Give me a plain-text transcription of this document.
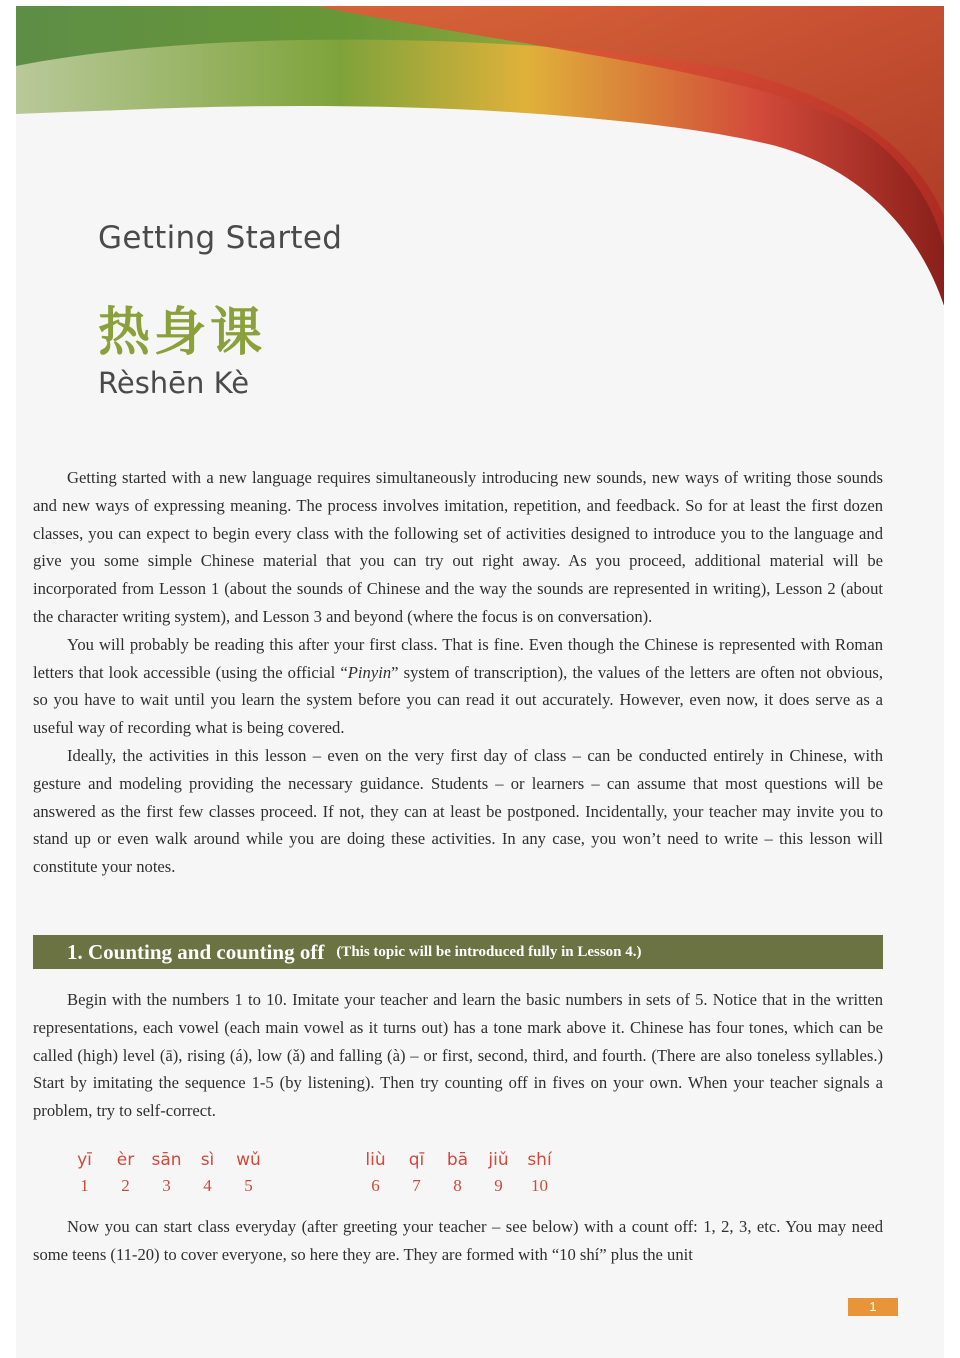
Getting Started
热身课
Rèshēn Kè

Getting started with a new language requires simultaneously introducing new sounds, new ways of writing those sounds and new ways of expressing meaning. The process involves imitation, repetition, and feedback. So for at least the first dozen classes, you can expect to begin every class with the following set of activities designed to introduce you to the language and give you some simple Chinese material that you can try out right away. As you proceed, additional material will be incorporated from Lesson 1 (about the sounds of Chinese and the way the sounds are represented in writing), Lesson 2 (about the character writing system), and Lesson 3 and beyond (where the focus is on conversation).

You will probably be reading this after your first class. That is fine. Even though the Chinese is represented with Roman letters that look accessible (using the official “Pinyin” system of transcription), the values of the letters are often not obvious, so you have to wait until you learn the system before you can read it out accurately. However, even now, it does serve as a useful way of recording what is being covered.

Ideally, the activities in this lesson – even on the very first day of class – can be conducted entirely in Chinese, with gesture and modeling providing the necessary guidance. Students – or learners – can assume that most questions will be answered as the first few classes proceed. If not, they can at least be postponed. Incidentally, your teacher may invite you to stand up or even walk around while you are doing these activities. In any case, you won’t need to write – this lesson will constitute your notes.

1. Counting and counting off (This topic will be introduced fully in Lesson 4.)

Begin with the numbers 1 to 10. Imitate your teacher and learn the basic numbers in sets of 5. Notice that in the written representations, each vowel (each main vowel as it turns out) has a tone mark above it. Chinese has four tones, which can be called (high) level (ā), rising (á), low (ǎ) and falling (à) – or first, second, third, and fourth. (There are also toneless syllables.) Start by imitating the sequence 1-5 (by listening). Then try counting off in fives on your own. When your teacher signals a problem, try to self-correct.

yī
1
èr
2
sān
3
sì
4
wǔ
5
liù
6
qī
7
bā
8
jiǔ
9
shí
10

Now you can start class everyday (after greeting your teacher – see below) with a count off: 1, 2, 3, etc. You may need some teens (11-20) to cover everyone, so here they are. They are formed with “10 shí” plus the unit

1
